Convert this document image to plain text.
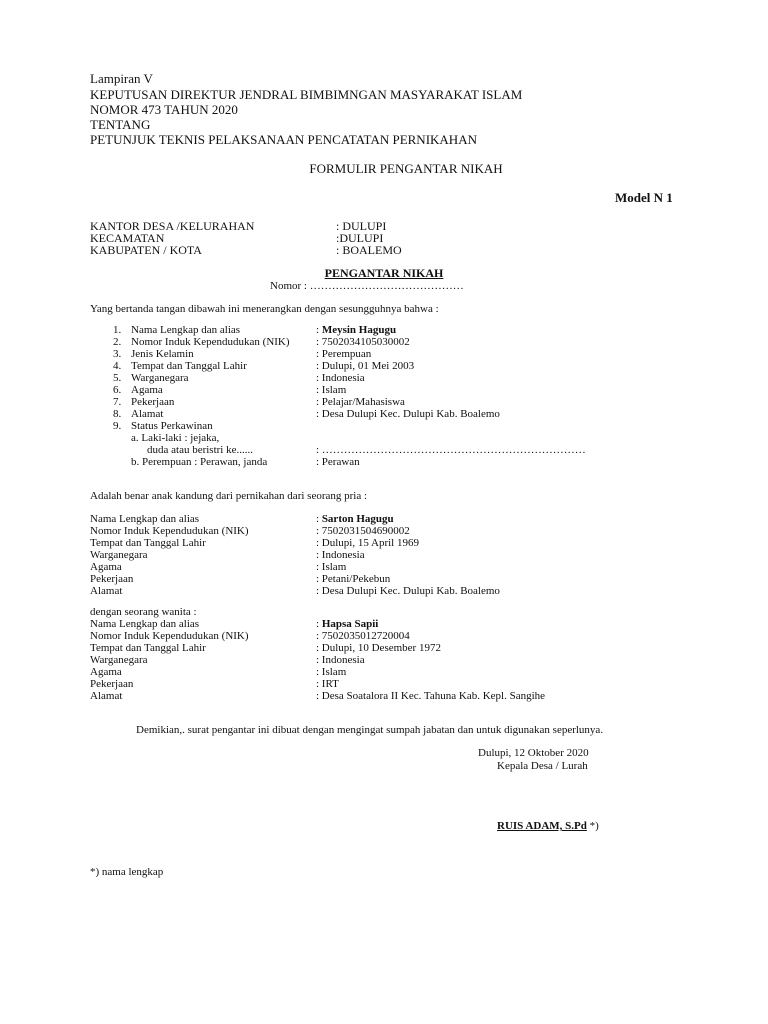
Lampiran V
KEPUTUSAN DIREKTUR JENDRAL BIMBIMNGAN MASYARAKAT ISLAM
NOMOR 473 TAHUN 2020
TENTANG
PETUNJUK TEKNIS PELAKSANAAN PENCATATAN PERNIKAHAN
FORMULIR PENGANTAR NIKAH
Model N 1
KANTOR DESA /KELURAHAN	: DULUPI
KECAMATAN	:DULUPI
KABUPATEN / KOTA	: BOALEMO
PENGANTAR NIKAH
Nomor : ……………………………………
Yang bertanda tangan dibawah ini menerangkan dengan sesungguhnya bahwa :
1. Nama Lengkap dan alias	: Meysin Hagugu
2. Nomor Induk Kependudukan (NIK) : 7502034105030002
3. Jenis Kelamin	: Perempuan
4. Tempat dan Tanggal Lahir	: Dulupi, 01 Mei 2003
5. Warganegara	: Indonesia
6. Agama	: Islam
7. Pekerjaan	: Pelajar/Mahasiswa
8. Alamat	: Desa Dulupi Kec. Dulupi Kab. Boalemo
9. Status Perkawinan
a. Laki-laki : jejaka,
duda atau beristri ke......	: ………………………………………………………………
b. Perempuan : Perawan, janda	: Perawan
Adalah benar anak kandung dari pernikahan dari seorang pria :
Nama Lengkap dan alias	: Sarton Hagugu
Nomor Induk Kependudukan (NIK)	: 7502031504690002
Tempat dan Tanggal Lahir	: Dulupi, 15 April 1969
Warganegara	: Indonesia
Agama	: Islam
Pekerjaan	: Petani/Pekebun
Alamat	: Desa Dulupi Kec. Dulupi Kab. Boalemo
dengan seorang wanita :
Nama Lengkap dan alias	: Hapsa Sapii
Nomor Induk Kependudukan (NIK)	: 7502035012720004
Tempat dan Tanggal Lahir	: Dulupi, 10 Desember 1972
Warganegara	: Indonesia
Agama	: Islam
Pekerjaan	: IRT
Alamat	: Desa Soatalora II Kec. Tahuna Kab. Kepl. Sangihe
Demikian,. surat pengantar ini dibuat dengan mengingat sumpah jabatan dan untuk digunakan seperlunya.
Dulupi, 12 Oktober 2020
Kepala Desa / Lurah
RUIS ADAM, S.Pd *)
*) nama lengkap
